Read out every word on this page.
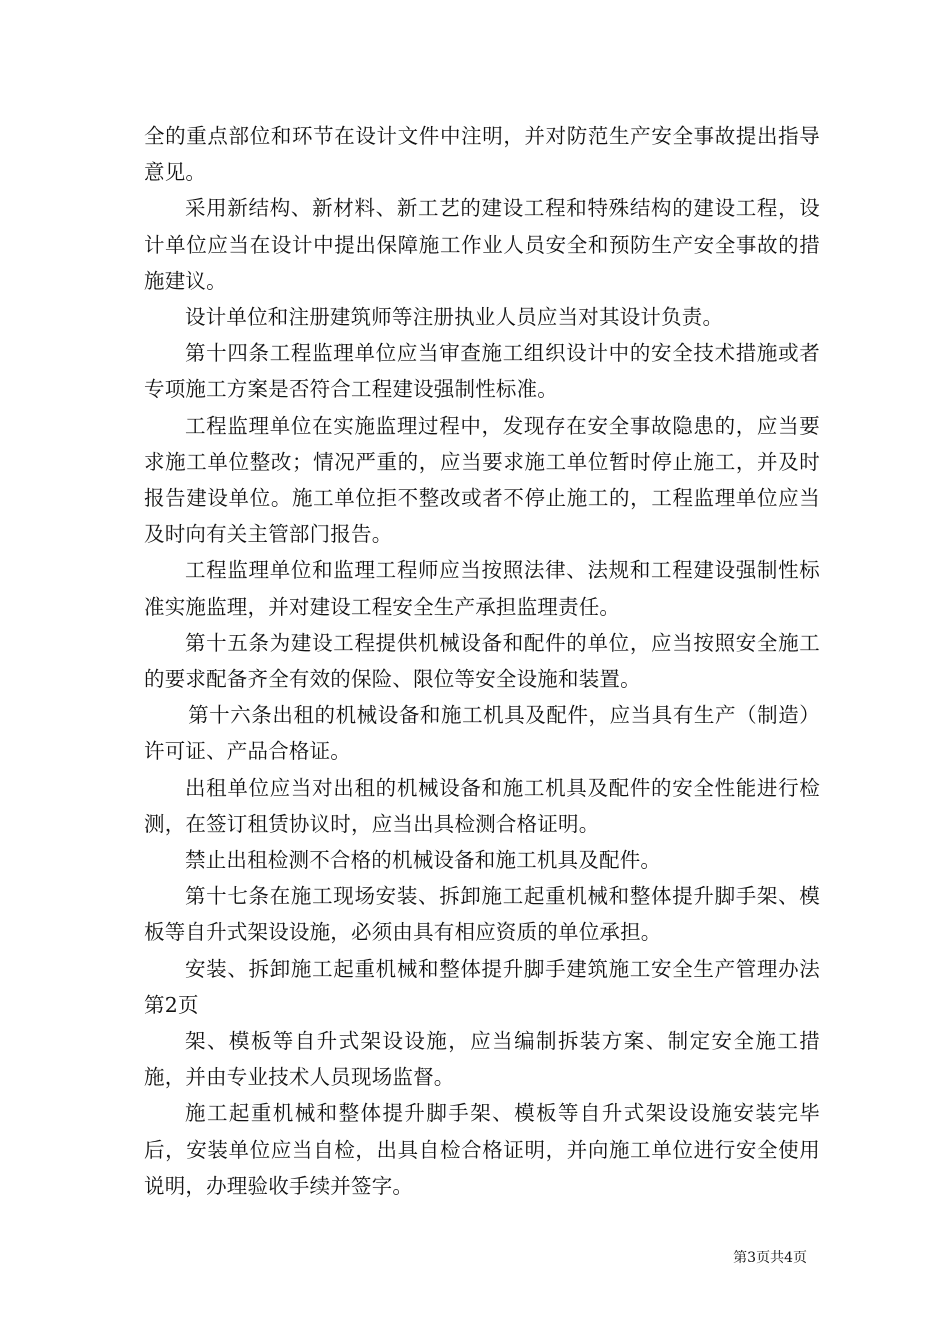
全的重点部位和环节在设计文件中注明，并对防范生产安全事故提出指导意见。

采用新结构、新材料、新工艺的建设工程和特殊结构的建设工程，设计单位应当在设计中提出保障施工作业人员安全和预防生产安全事故的措施建议。

设计单位和注册建筑师等注册执业人员应当对其设计负责。

第十四条工程监理单位应当审查施工组织设计中的安全技术措施或者专项施工方案是否符合工程建设强制性标准。

工程监理单位在实施监理过程中，发现存在安全事故隐患的，应当要求施工单位整改；情况严重的，应当要求施工单位暂时停止施工，并及时报告建设单位。施工单位拒不整改或者不停止施工的，工程监理单位应当及时向有关主管部门报告。

工程监理单位和监理工程师应当按照法律、法规和工程建设强制性标准实施监理，并对建设工程安全生产承担监理责任。

第十五条为建设工程提供机械设备和配件的单位，应当按照安全施工的要求配备齐全有效的保险、限位等安全设施和装置。

第十六条出租的机械设备和施工机具及配件，应当具有生产（制造）许可证、产品合格证。

出租单位应当对出租的机械设备和施工机具及配件的安全性能进行检测，在签订租赁协议时，应当出具检测合格证明。

禁止出租检测不合格的机械设备和施工机具及配件。

第十七条在施工现场安装、拆卸施工起重机械和整体提升脚手架、模板等自升式架设设施，必须由具有相应资质的单位承担。

安装、拆卸施工起重机械和整体提升脚手建筑施工安全生产管理办法第2页

架、模板等自升式架设设施，应当编制拆装方案、制定安全施工措施，并由专业技术人员现场监督。

施工起重机械和整体提升脚手架、模板等自升式架设设施安装完毕后，安装单位应当自检，出具自检合格证明，并向施工单位进行安全使用说明，办理验收手续并签字。

第3页共4页
